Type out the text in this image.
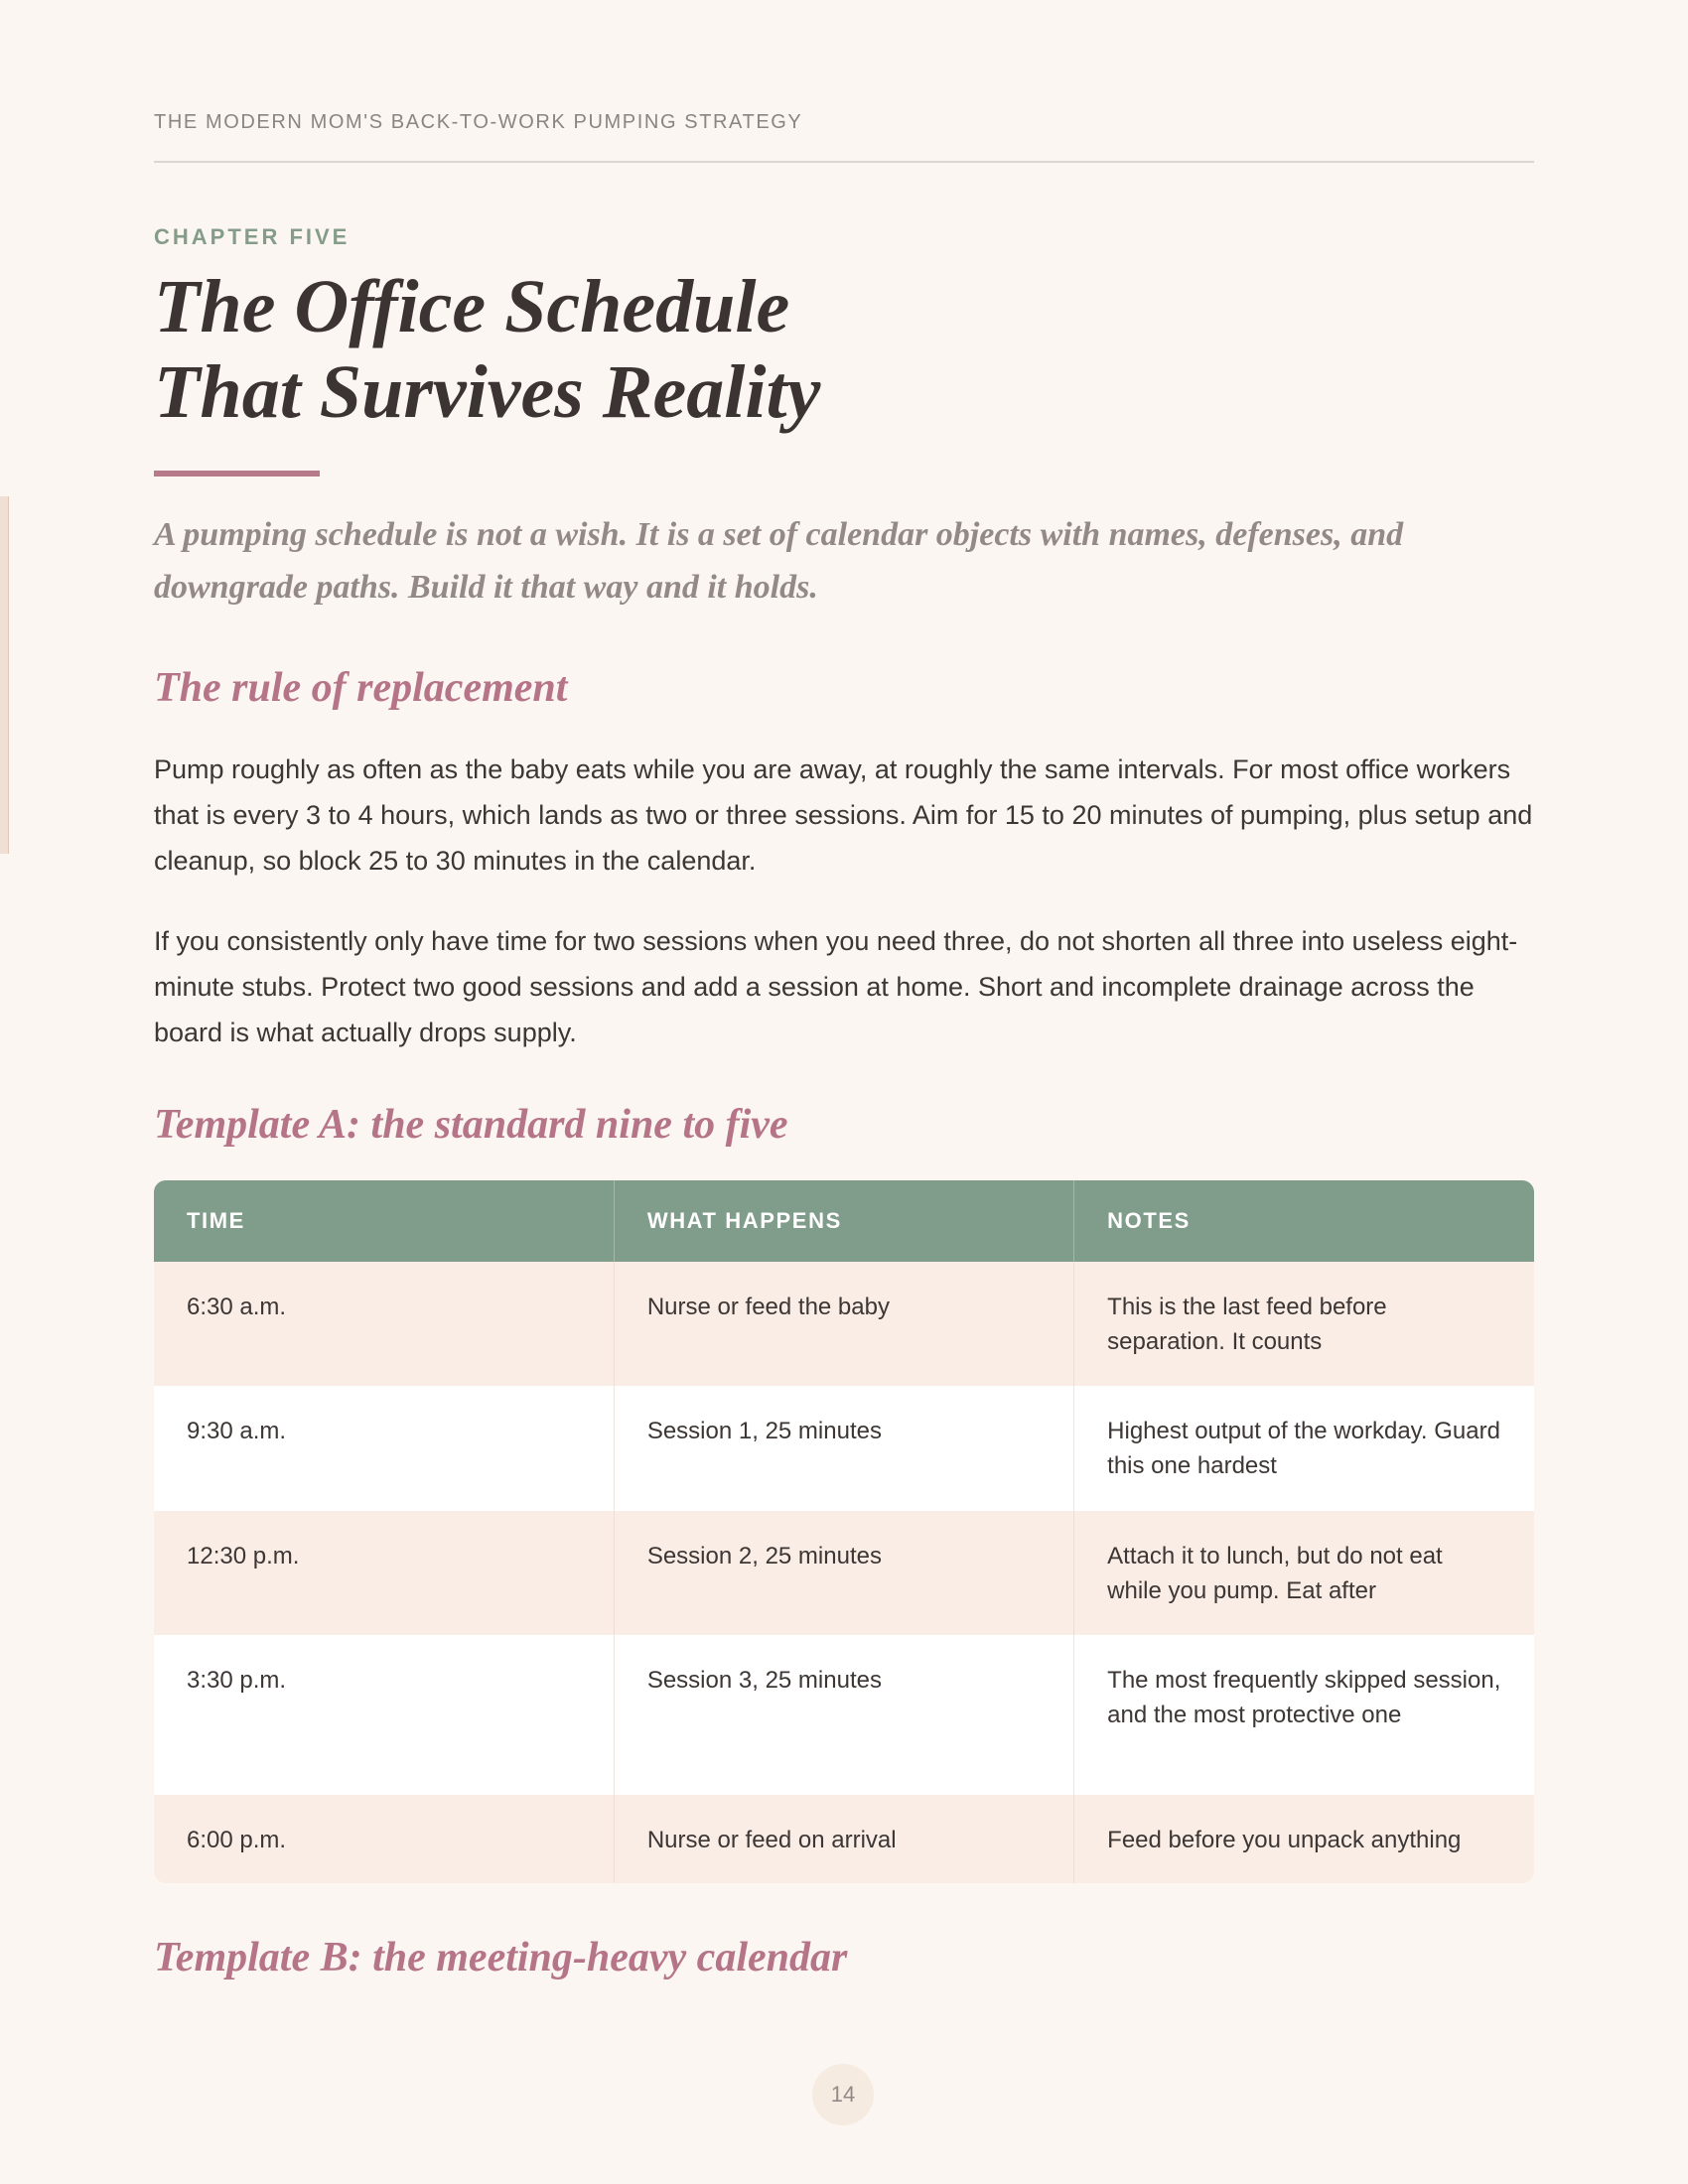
THE MODERN MOM'S BACK-TO-WORK PUMPING STRATEGY
CHAPTER FIVE
The Office Schedule
That Survives Reality

A pumping schedule is not a wish. It is a set of calendar objects with names, defenses, and downgrade paths. Build it that way and it holds.

The rule of replacement

Pump roughly as often as the baby eats while you are away, at roughly the same intervals. For most office workers that is every 3 to 4 hours, which lands as two or three sessions. Aim for 15 to 20 minutes of pumping, plus setup and cleanup, so block 25 to 30 minutes in the calendar.

If you consistently only have time for two sessions when you need three, do not shorten all three into useless eight-minute stubs. Protect two good sessions and add a session at home. Short and incomplete drainage across the board is what actually drops supply.

Template A: the standard nine to five
TIME	WHAT HAPPENS	NOTES
6:30 a.m.	Nurse or feed the baby	This is the last feed before separation. It counts
9:30 a.m.	Session 1, 25 minutes	Highest output of the workday. Guard this one hardest
12:30 p.m.	Session 2, 25 minutes	Attach it to lunch, but do not eat while you pump. Eat after
3:30 p.m.	Session 3, 25 minutes	The most frequently skipped session, and the most protective one
6:00 p.m.	Nurse or feed on arrival	Feed before you unpack anything
Template B: the meeting-heavy calendar
14
